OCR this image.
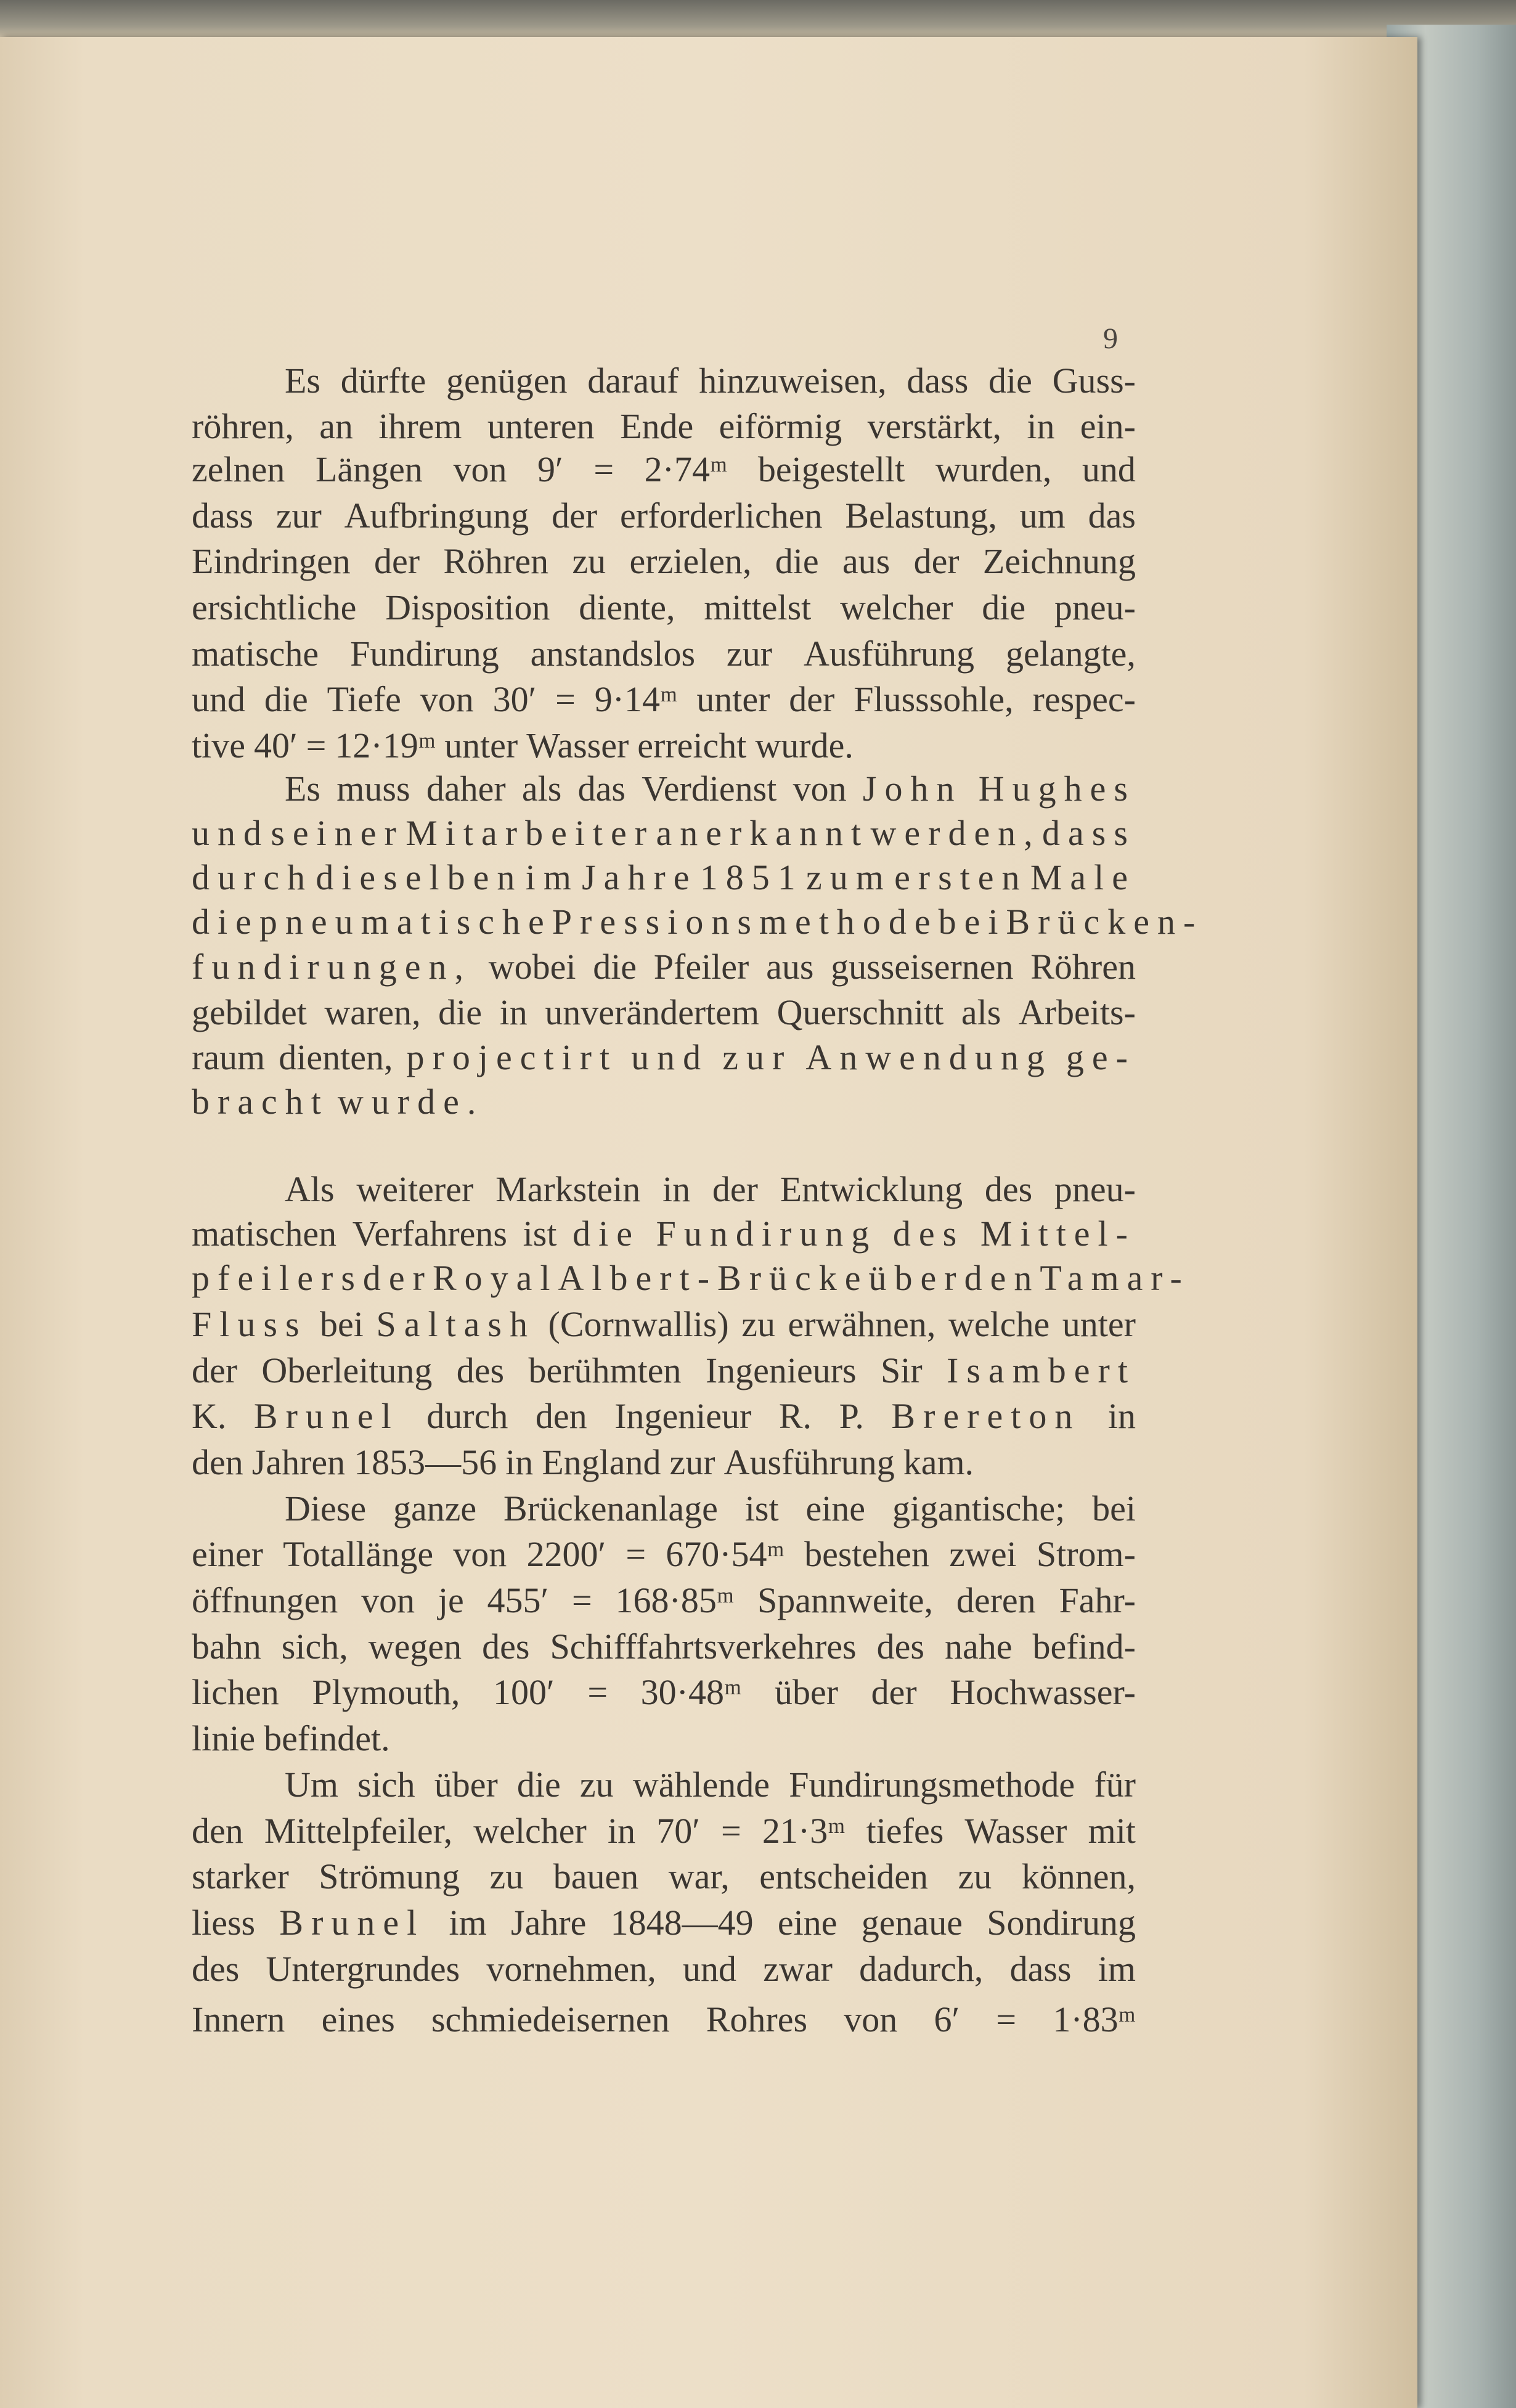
9
Es dürfte genügen darauf hinzuweisen, dass die Guss-
röhren, an ihrem unteren Ende eiförmig verstärkt, in ein-
zelnen Längen von 9′ = 2·74ᵐ beigestellt wurden, und
dass zur Aufbringung der erforderlichen Belastung, um das
Eindringen der Röhren zu erzielen, die aus der Zeichnung
ersichtliche Disposition diente, mittelst welcher die pneu-
matische Fundirung anstandslos zur Ausführung gelangte,
und die Tiefe von 30′ = 9·14ᵐ unter der Flusssohle, respec-
tive 40′ = 12·19ᵐ unter Wasser erreicht wurde.
Es muss daher als das Verdienst von John Hughes
und seiner Mitarbeiter anerkannt werden, dass
durch dieselben im Jahre 1851 zum ersten Male
die pneumatische Pressionsmethode bei Brücken-
fundirungen, wobei die Pfeiler aus gusseisernen Röhren
gebildet waren, die in unverändertem Querschnitt als Arbeits-
raum dienten, projectirt und zur Anwendung ge-
bracht wurde.
Als weiterer Markstein in der Entwicklung des pneu-
matischen Verfahrens ist die Fundirung des Mittel-
pfeilers der Royal Albert-Brücke über den Tamar-
Fluss bei Saltash (Cornwallis) zu erwähnen, welche unter
der Oberleitung des berühmten Ingenieurs Sir Isambert
K. Brunel durch den Ingenieur R. P. Brereton in
den Jahren 1853—56 in England zur Ausführung kam.
Diese ganze Brückenanlage ist eine gigantische; bei
einer Totallänge von 2200′ = 670·54ᵐ bestehen zwei Strom-
öffnungen von je 455′ = 168·85ᵐ Spannweite, deren Fahr-
bahn sich, wegen des Schifffahrtsverkehres des nahe befind-
lichen Plymouth, 100′ = 30·48ᵐ über der Hochwasser-
linie befindet.
Um sich über die zu wählende Fundirungsmethode für
den Mittelpfeiler, welcher in 70′ = 21·3ᵐ tiefes Wasser mit
starker Strömung zu bauen war, entscheiden zu können,
liess Brunel im Jahre 1848—49 eine genaue Sondirung
des Untergrundes vornehmen, und zwar dadurch, dass im
Innern eines schmiedeisernen Rohres von 6′ = 1·83ᵐ
